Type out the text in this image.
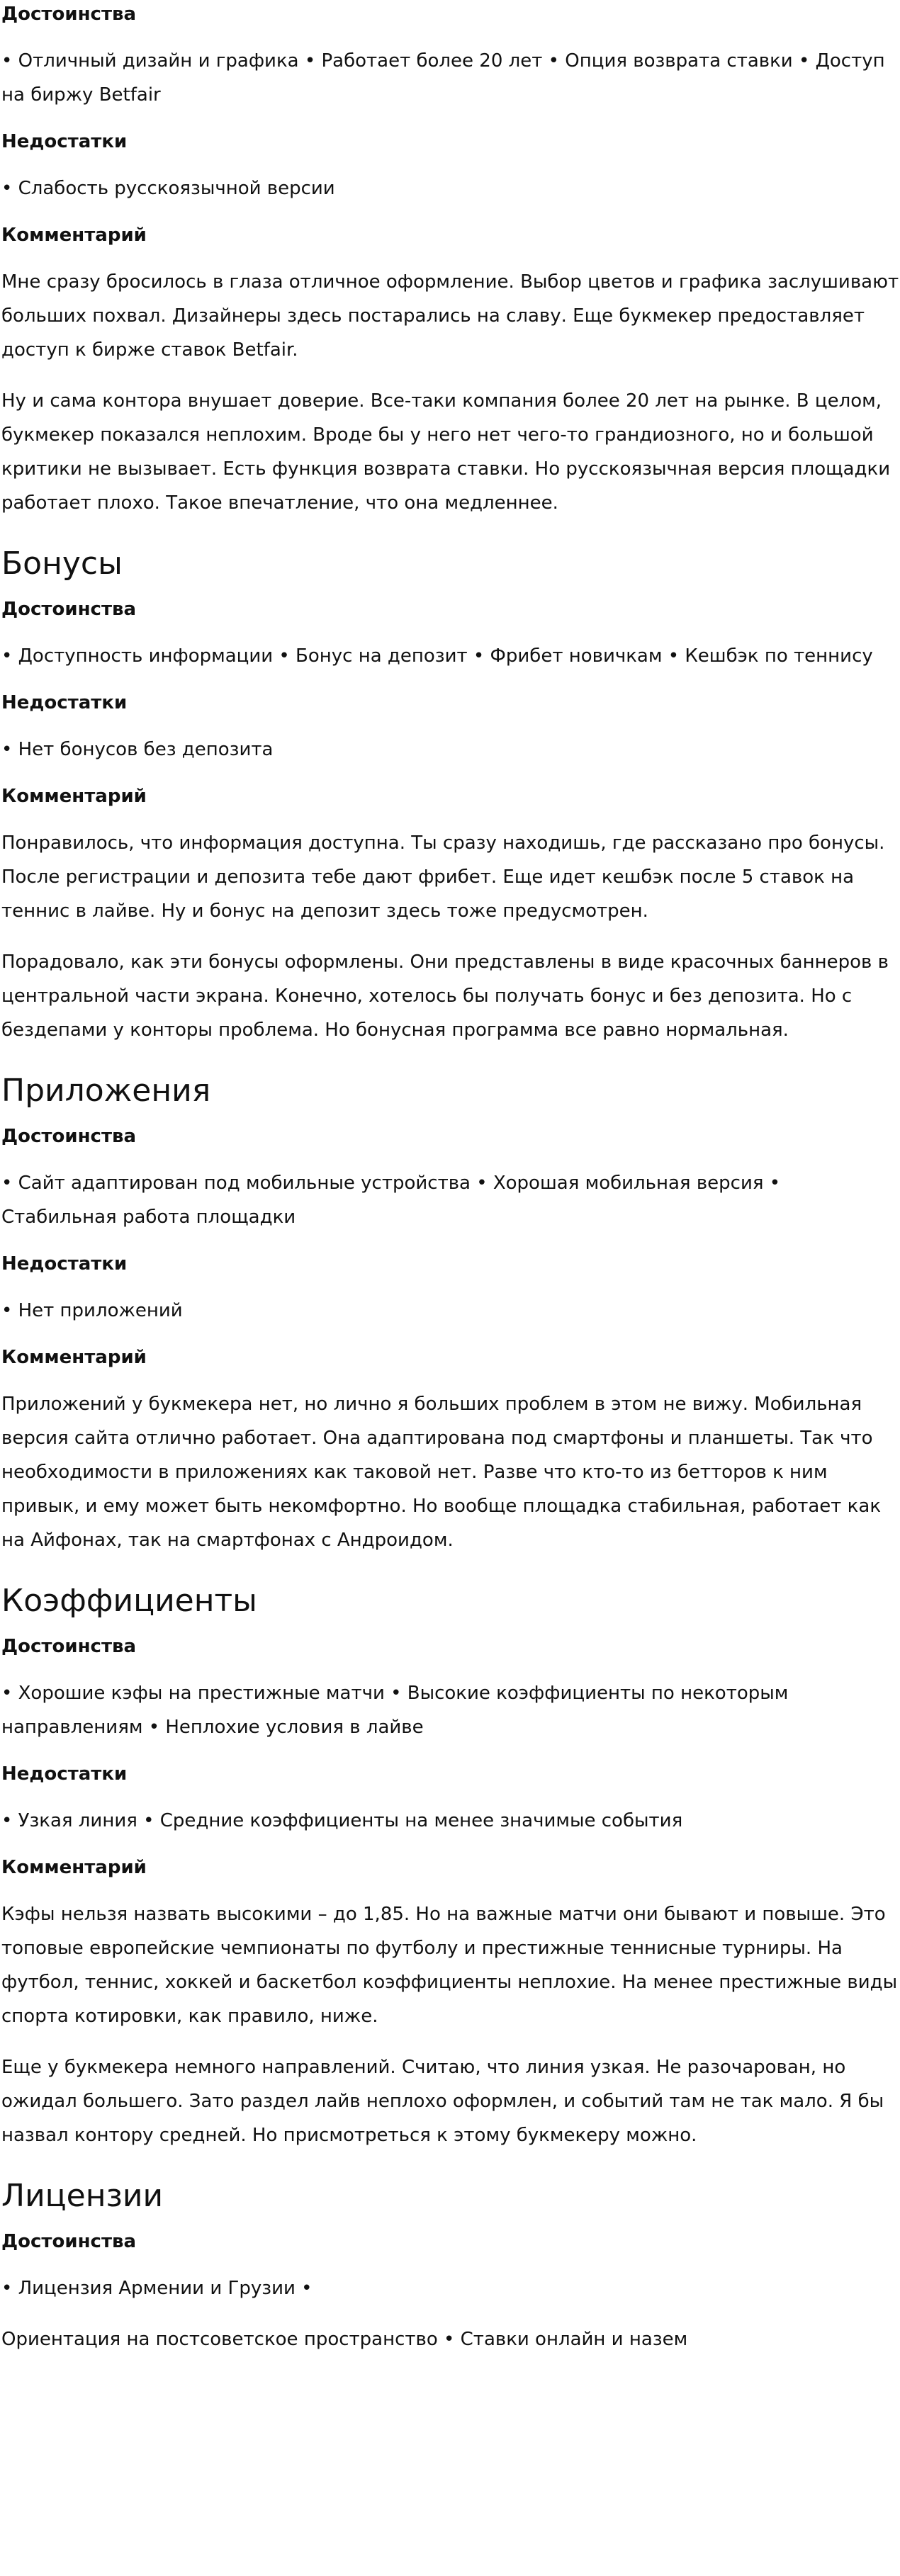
Достоинства

• Отличный дизайн и графика • Работает более 20 лет • Опция возврата ставки • Доступ на биржу Betfair

Недостатки

• Слабость русскоязычной версии

Комментарий

Мне сразу бросилось в глаза отличное оформление. Выбор цветов и графика заслушивают больших похвал. Дизайнеры здесь постарались на славу. Еще букмекер предоставляет доступ к бирже ставок Betfair.

Ну и сама контора внушает доверие. Все-таки компания более 20 лет на рынке. В целом, букмекер показался неплохим. Вроде бы у него нет чего-то грандиозного, но и большой критики не вызывает. Есть функция возврата ставки. Но русскоязычная версия площадки работает плохо. Такое впечатление, что она медленнее.

Бонусы
Достоинства

• Доступность информации • Бонус на депозит • Фрибет новичкам • Кешбэк по теннису

Недостатки

• Нет бонусов без депозита

Комментарий

Понравилось, что информация доступна. Ты сразу находишь, где рассказано про бонусы. После регистрации и депозита тебе дают фрибет. Еще идет кешбэк после 5 ставок на теннис в лайве. Ну и бонус на депозит здесь тоже предусмотрен.

Порадовало, как эти бонусы оформлены. Они представлены в виде красочных баннеров в центральной части экрана. Конечно, хотелось бы получать бонус и без депозита. Но с бездепами у конторы проблема. Но бонусная программа все равно нормальная.

Приложения
Достоинства

• Сайт адаптирован под мобильные устройства • Хорошая мобильная версия • Стабильная работа площадки

Недостатки

• Нет приложений

Комментарий

Приложений у букмекера нет, но лично я больших проблем в этом не вижу. Мобильная версия сайта отлично работает. Она адаптирована под смартфоны и планшеты. Так что необходимости в приложениях как таковой нет. Разве что кто-то из бетторов к ним привык, и ему может быть некомфортно. Но вообще площадка стабильная, работает как на Айфонах, так на смартфонах с Андроидом.

Коэффициенты
Достоинства

• Хорошие кэфы на престижные матчи • Высокие коэффициенты по некоторым направлениям • Неплохие условия в лайве

Недостатки

• Узкая линия • Средние коэффициенты на менее значимые события

Комментарий

Кэфы нельзя назвать высокими – до 1,85. Но на важные матчи они бывают и повыше. Это топовые европейские чемпионаты по футболу и престижные теннисные турниры. На футбол, теннис, хоккей и баскетбол коэффициенты неплохие. На менее престижные виды спорта котировки, как правило, ниже.

Еще у букмекера немного направлений. Считаю, что линия узкая. Не разочарован, но ожидал большего. Зато раздел лайв неплохо оформлен, и событий там не так мало. Я бы назвал контору средней. Но присмотреться к этому букмекеру можно.

Лицензии
Достоинства

• Лицензия Армении и Грузии •

Ориентация на постсоветское пространство • Ставки онлайн и назем
